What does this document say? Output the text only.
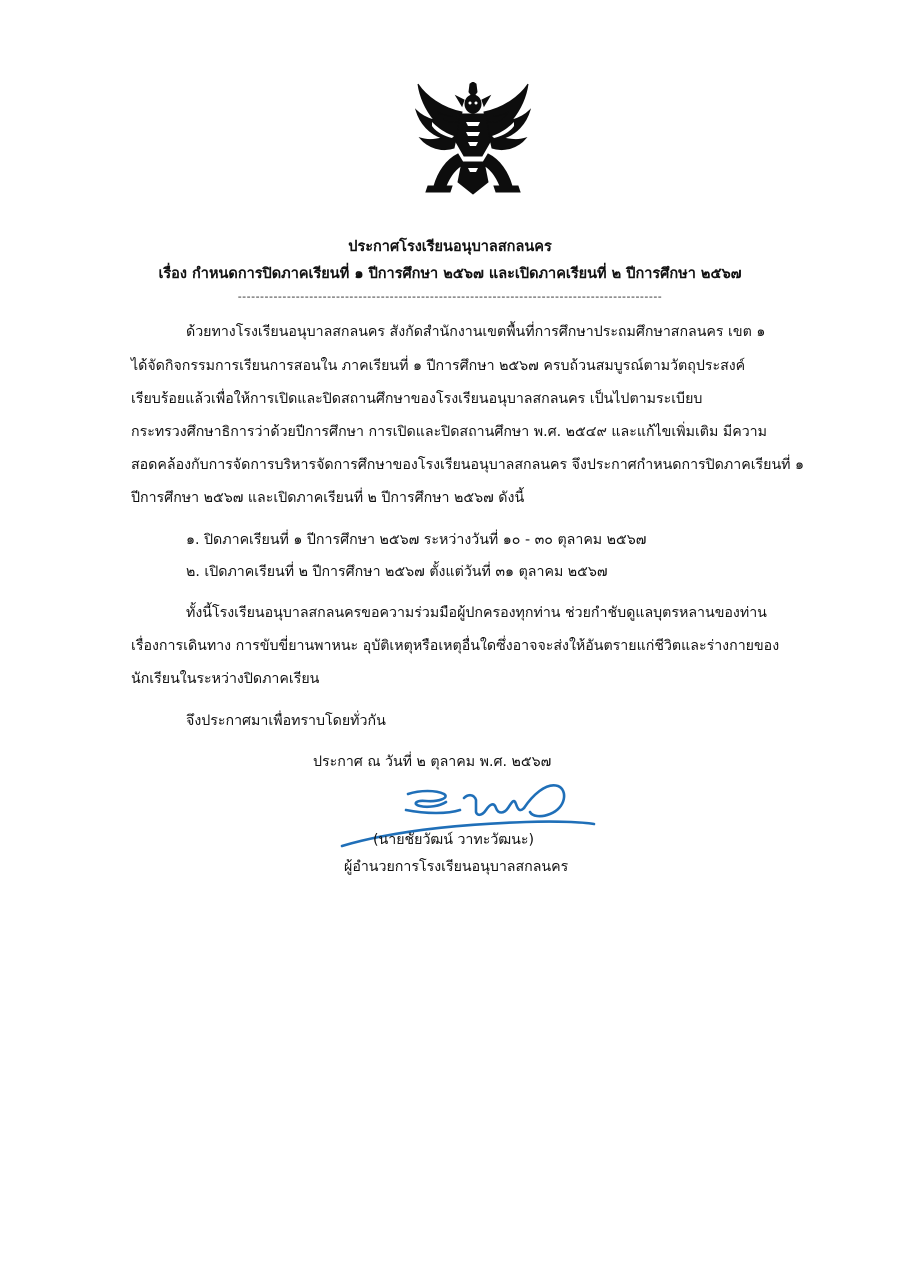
ประกาศโรงเรียนอนุบาลสกลนคร
เรื่อง กำหนดการปิดภาคเรียนที่ ๑ ปีการศึกษา ๒๕๖๗ และเปิดภาคเรียนที่ ๒ ปีการศึกษา ๒๕๖๗
-----------------------------------------------------------------------------------------------
ด้วยทางโรงเรียนอนุบาลสกลนคร สังกัดสำนักงานเขตพื้นที่การศึกษาประถมศึกษาสกลนคร เขต ๑
ได้จัดกิจกรรมการเรียนการสอนใน ภาคเรียนที่ ๑ ปีการศึกษา ๒๕๖๗ ครบถ้วนสมบูรณ์ตามวัตถุประสงค์
เรียบร้อยแล้วเพื่อให้การเปิดและปิดสถานศึกษาของโรงเรียนอนุบาลสกลนคร เป็นไปตามระเบียบ
กระทรวงศึกษาธิการว่าด้วยปีการศึกษา การเปิดและปิดสถานศึกษา พ.ศ. ๒๕๔๙ และแก้ไขเพิ่มเติม มีความ
สอดคล้องกับการจัดการบริหารจัดการศึกษาของโรงเรียนอนุบาลสกลนคร จึงประกาศกำหนดการปิดภาคเรียนที่ ๑
ปีการศึกษา ๒๕๖๗ และเปิดภาคเรียนที่ ๒ ปีการศึกษา ๒๕๖๗ ดังนี้
๑. ปิดภาคเรียนที่ ๑ ปีการศึกษา ๒๕๖๗ ระหว่างวันที่ ๑๐ - ๓๐ ตุลาคม ๒๕๖๗
๒. เปิดภาคเรียนที่ ๒ ปีการศึกษา ๒๕๖๗ ตั้งแต่วันที่ ๓๑ ตุลาคม ๒๕๖๗
ทั้งนี้โรงเรียนอนุบาลสกลนครขอความร่วมมือผู้ปกครองทุกท่าน ช่วยกำชับดูแลบุตรหลานของท่าน
เรื่องการเดินทาง การขับขี่ยานพาหนะ อุบัติเหตุหรือเหตุอื่นใดซึ่งอาจจะส่งให้อันตรายแก่ชีวิตและร่างกายของ
นักเรียนในระหว่างปิดภาคเรียน
จึงประกาศมาเพื่อทราบโดยทั่วกัน
ประกาศ ณ วันที่ ๒ ตุลาคม พ.ศ. ๒๕๖๗
(นายชัยวัฒน์ วาทะวัฒนะ)
ผู้อำนวยการโรงเรียนอนุบาลสกลนคร
